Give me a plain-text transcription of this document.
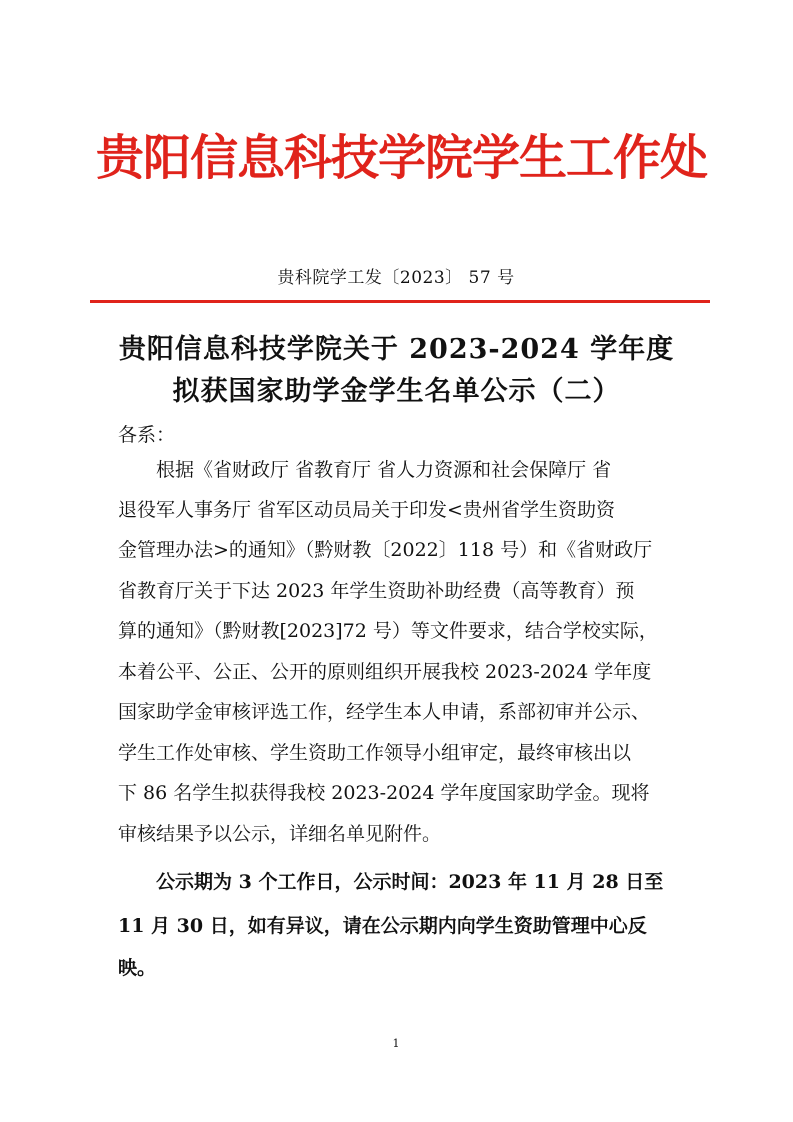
贵阳信息科技学院学生工作处
贵科院学工发〔2023〕 57 号
贵阳信息科技学院关于 2023-2024 学年度
拟获国家助学金学生名单公示（二）
各系：
根据《省财政厅 省教育厅 省人力资源和社会保障厅 省
退役军人事务厅 省军区动员局关于印发<贵州省学生资助资
金管理办法>的通知》（黔财教〔2022〕118 号）和《省财政厅
省教育厅关于下达 2023 年学生资助补助经费（高等教育）预
算的通知》（黔财教[2023]72 号）等文件要求，结合学校实际，
本着公平、公正、公开的原则组织开展我校 2023-2024 学年度
国家助学金审核评选工作，经学生本人申请，系部初审并公示、
学生工作处审核、学生资助工作领导小组审定，最终审核出以
下 86 名学生拟获得我校 2023-2024 学年度国家助学金。现将
审核结果予以公示，详细名单见附件。
公示期为 3 个工作日，公示时间：2023 年 11 月 28 日至
11 月 30 日，如有异议，请在公示期内向学生资助管理中心反
映。
1
